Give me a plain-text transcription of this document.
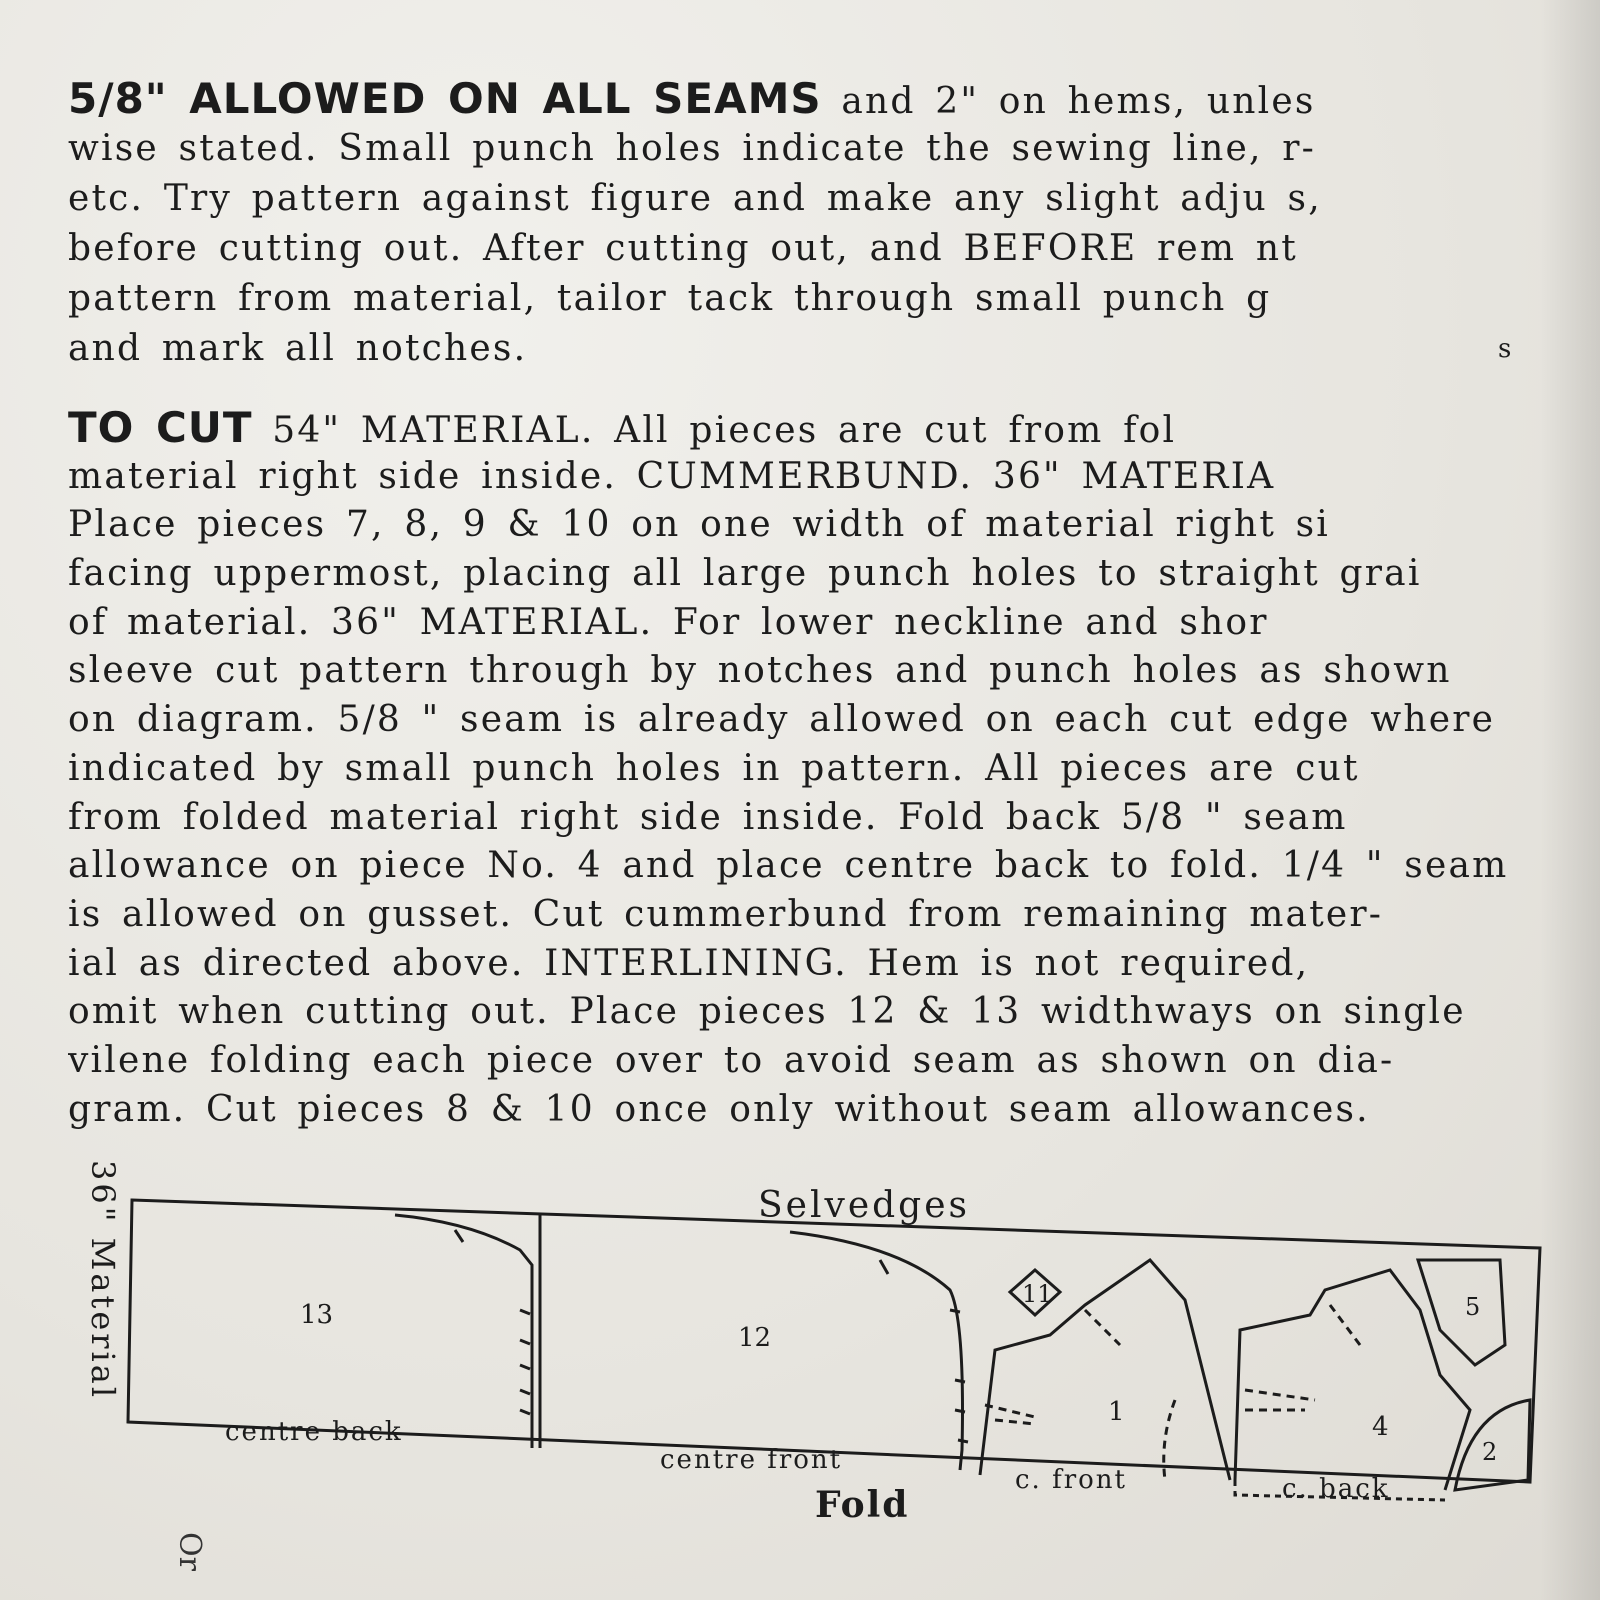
5/8" ALLOWED ON ALL SEAMS and 2" on hems, unles
wise stated. Small punch holes indicate the sewing line, r-
etc. Try pattern against figure and make any slight adju s,
before cutting out. After cutting out, and BEFORE rem nt
pattern from material, tailor tack through small punch g
and mark all notches.	s
TO CUT 54" MATERIAL. All pieces are cut from fol
material right side inside. CUMMERBUND. 36" MATERIA
Place pieces 7, 8, 9 & 10 on one width of material right si
facing uppermost, placing all large punch holes to straight grai
of material. 36" MATERIAL. For lower neckline and shor
sleeve cut pattern through by notches and punch holes as shown
on diagram. 5/8 " seam is already allowed on each cut edge where
indicated by small punch holes in pattern. All pieces are cut
from folded material right side inside. Fold back 5/8 " seam
allowance on piece No. 4 and place centre back to fold. 1/4 " seam
is allowed on gusset. Cut cummerbund from remaining mater-
ial as directed above. INTERLINING. Hem is not required,
omit when cutting out. Place pieces 12 & 13 widthways on single
vilene folding each piece over to avoid seam as shown on dia-
gram. Cut pieces 8 & 10 once only without seam allowances.
36" Material
Or
Selvedges
Fold
13
centre back
12
centre front
11
1
c. front
4
c. back
5
2
